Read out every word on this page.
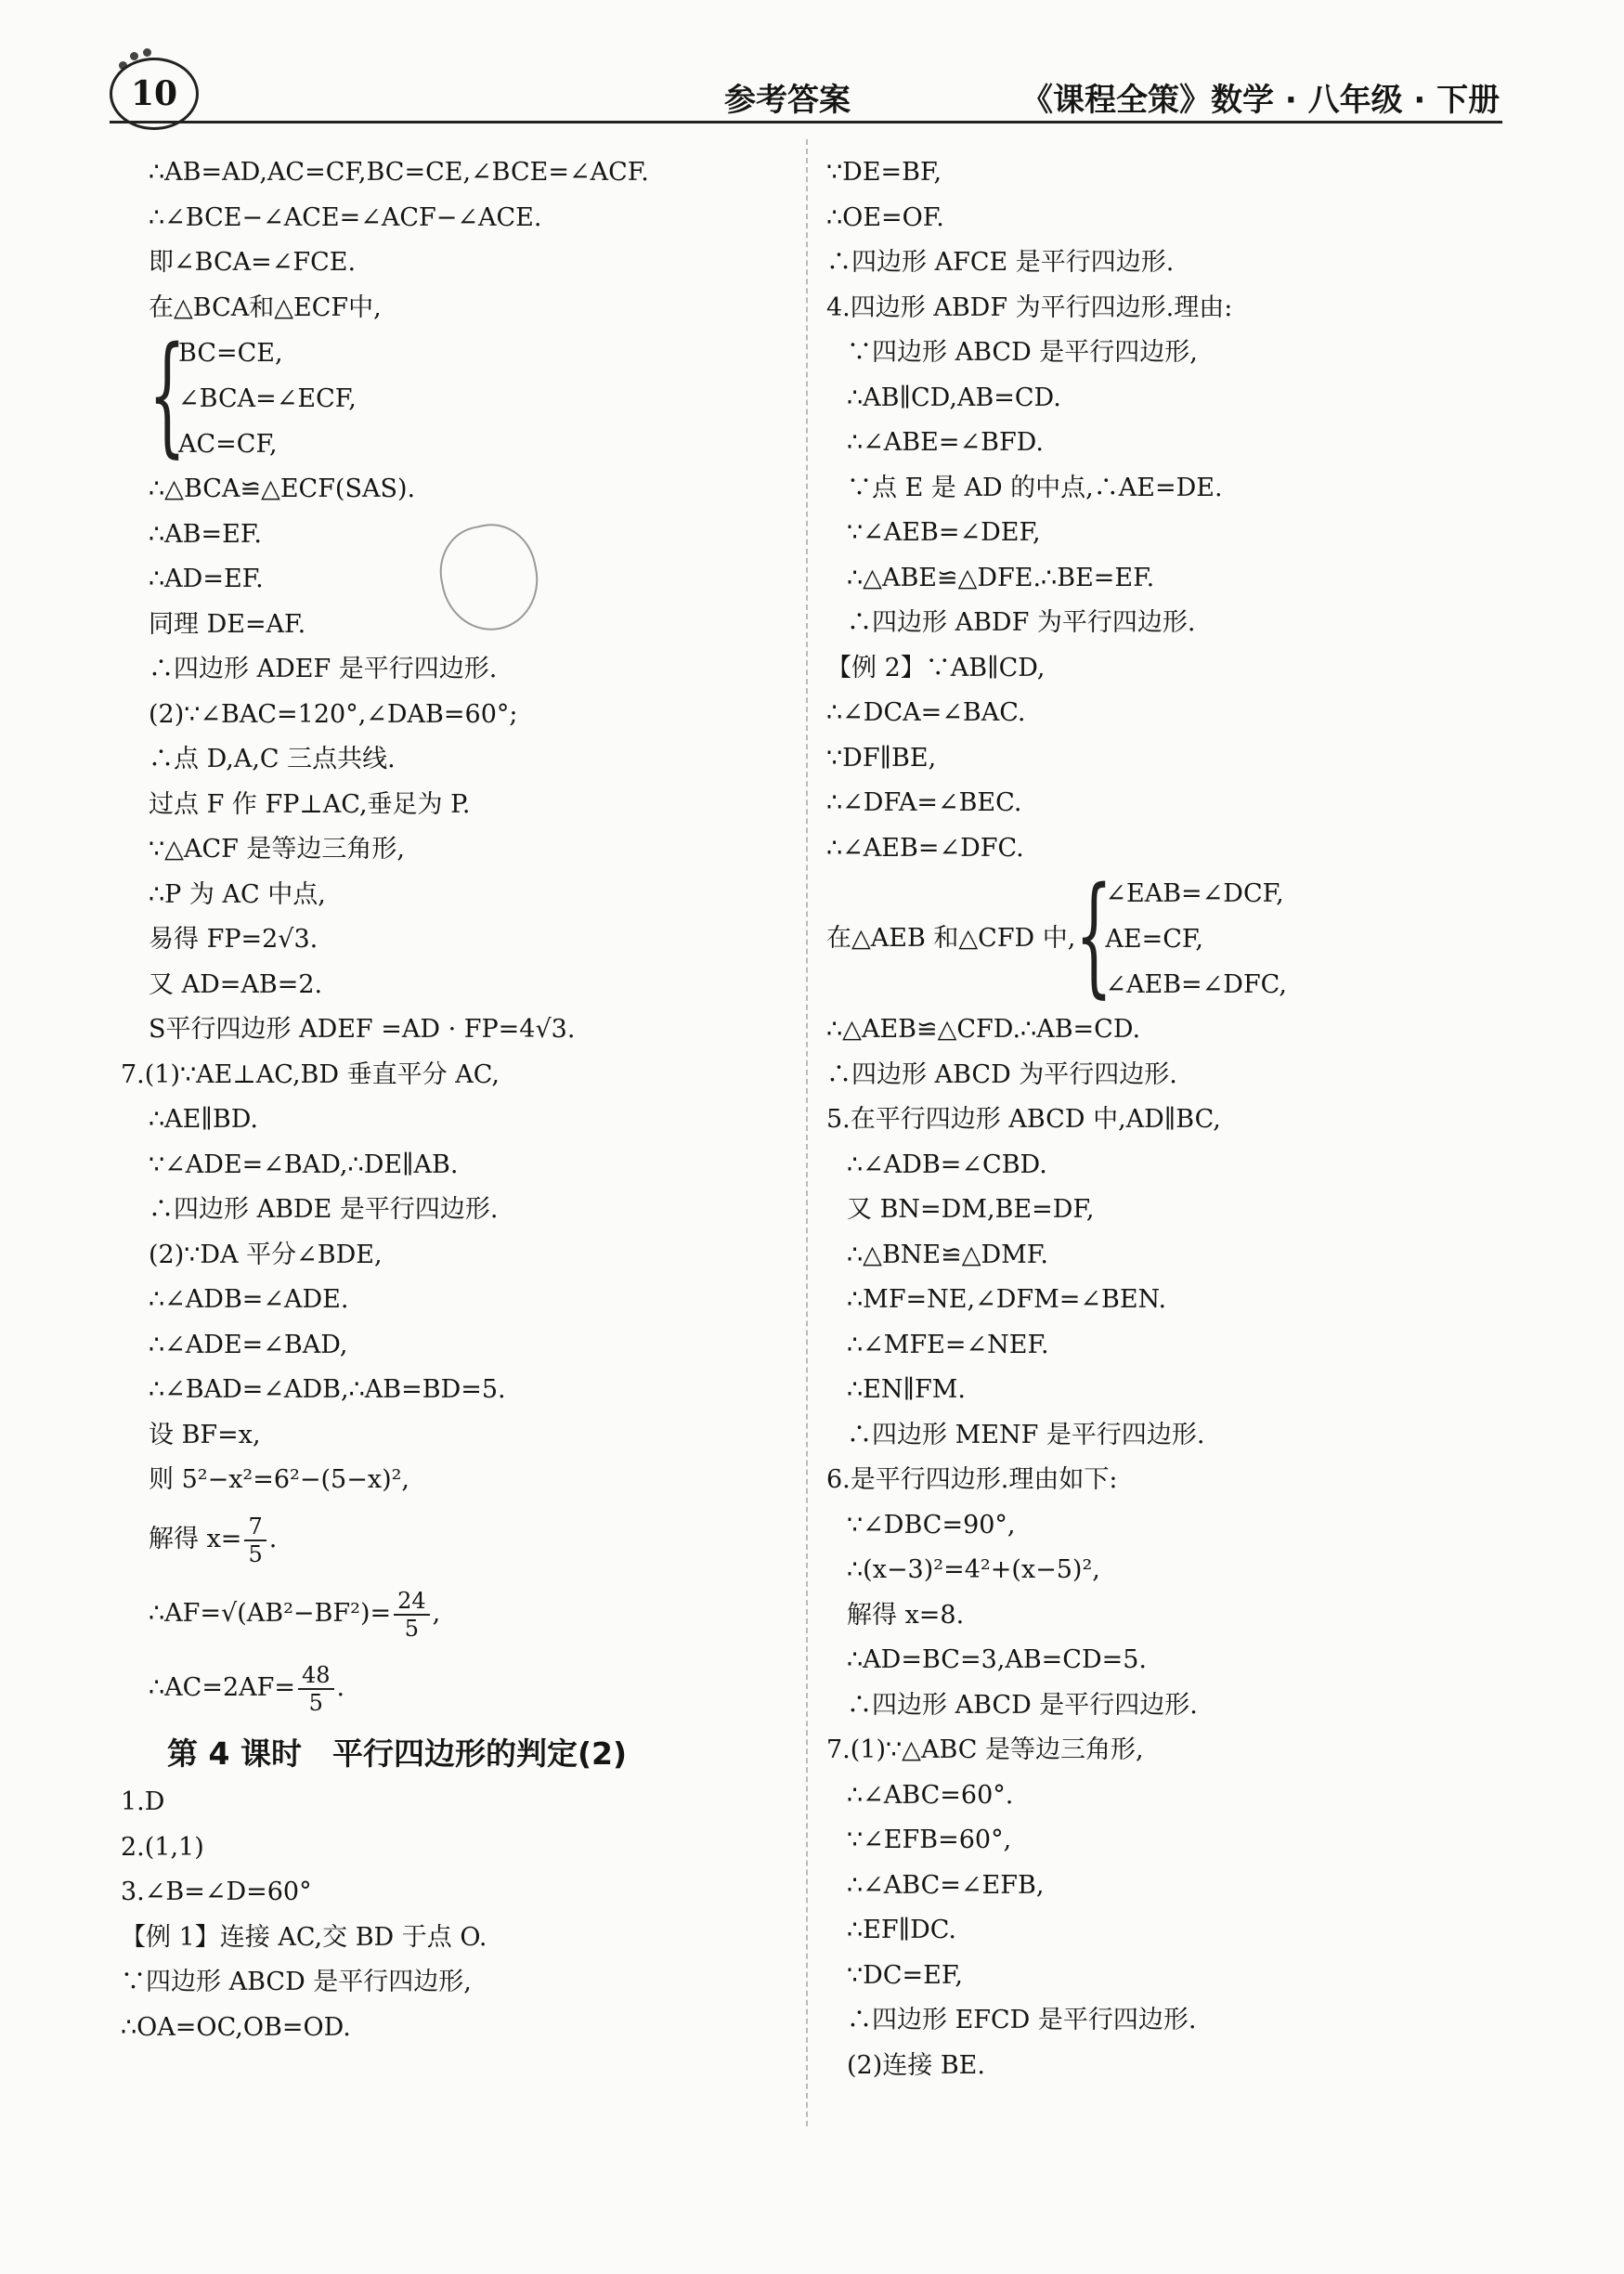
10	参考答案	《课程全策》数学 · 八年级 · 下册
∴AB=AD,AC=CF,BC=CE,∠BCE=∠ACF.
∴∠BCE−∠ACE=∠ACF−∠ACE.
即∠BCA=∠FCE.
在△BCA和△ECF中,
{
BC=CE,
∠BCA=∠ECF,
AC=CF,
∴△BCA≌△ECF(SAS).
∴AB=EF.
∴AD=EF.
同理 DE=AF.
∴四边形 ADEF 是平行四边形.
(2)∵∠BAC=120°,∠DAB=60°;
∴点 D,A,C 三点共线.
过点 F 作 FP⊥AC,垂足为 P.
∵△ACF 是等边三角形,
∴P 为 AC 中点,
易得 FP=2√3.
又 AD=AB=2.
S平行四边形 ADEF =AD · FP=4√3.
7.(1)∵AE⊥AC,BD 垂直平分 AC,
∴AE∥BD.
∵∠ADE=∠BAD,∴DE∥AB.
∴四边形 ABDE 是平行四边形.
(2)∵DA 平分∠BDE,
∴∠ADB=∠ADE.
∴∠ADE=∠BAD,
∴∠BAD=∠ADB,∴AB=BD=5.
设 BF=x,
则 5²−x²=6²−(5−x)²,
解得 $x= \frac{7}{5}$ .
∴AF=√(AB²−BF²)= $\frac{24}{5}$ ,
∴AC=2AF= $\frac{48}{5}$ .
第 4 课时　平行四边形的判定(2)
1.D
2.(1,1)
3.∠B=∠D=60°
【例 1】连接 AC,交 BD 于点 O.
∵四边形 ABCD 是平行四边形,
∴OA=OC,OB=OD.
∵DE=BF,
∴OE=OF.
∴四边形 AFCE 是平行四边形.
4.四边形 ABDF 为平行四边形.理由:
∵四边形 ABCD 是平行四边形,
∴AB∥CD,AB=CD.
∴∠ABE=∠BFD.
∵点 E 是 AD 的中点,∴AE=DE.
∵∠AEB=∠DEF,
∴△ABE≌△DFE.∴BE=EF.
∴四边形 ABDF 为平行四边形.
【例 2】∵AB∥CD,
∴∠DCA=∠BAC.
∵DF∥BE,
∴∠DFA=∠BEC.
∴∠AEB=∠DFC.
在△AEB 和△CFD 中, {
∠EAB=∠DCF,
AE=CF,
∠AEB=∠DFC,
∴△AEB≌△CFD.∴AB=CD.
∴四边形 ABCD 为平行四边形.
5.在平行四边形 ABCD 中,AD∥BC,
∴∠ADB=∠CBD.
又 BN=DM,BE=DF,
∴△BNE≌△DMF.
∴MF=NE,∠DFM=∠BEN.
∴∠MFE=∠NEF.
∴EN∥FM.
∴四边形 MENF 是平行四边形.
6.是平行四边形.理由如下:
∵∠DBC=90°,
∴(x−3)²=4²+(x−5)²,
解得 x=8.
∴AD=BC=3,AB=CD=5.
∴四边形 ABCD 是平行四边形.
7.(1)∵△ABC 是等边三角形,
∴∠ABC=60°.
∵∠EFB=60°,
∴∠ABC=∠EFB,
∴EF∥DC.
∵DC=EF,
∴四边形 EFCD 是平行四边形.
(2)连接 BE.
